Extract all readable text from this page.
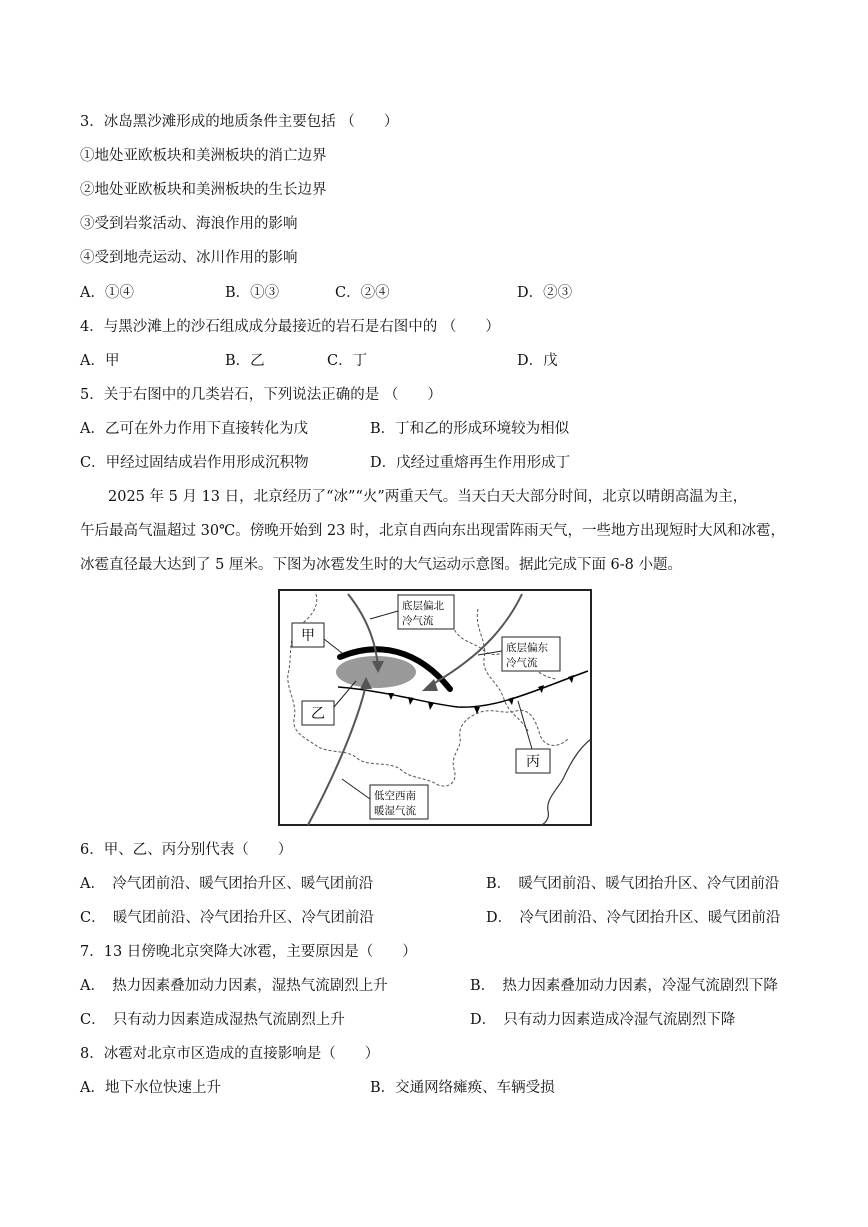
3．冰岛黑沙滩形成的地质条件主要包括 （　　）
①地处亚欧板块和美洲板块的消亡边界
②地处亚欧板块和美洲板块的生长边界
③受到岩浆活动、海浪作用的影响
④受到地壳运动、冰川作用的影响
A．①④	B．①③	C．②④	D．②③
4．与黑沙滩上的沙石组成成分最接近的岩石是右图中的 （　　）
A．甲	B．乙	C．丁	D．戊
5．关于右图中的几类岩石，下列说法正确的是 （　　）
A．乙可在外力作用下直接转化为戊	B．丁和乙的形成环境较为相似
C．甲经过固结成岩作用形成沉积物	D．戊经过重熔再生作用形成丁
2025 年 5 月 13 日，北京经历了“冰”“火”两重天气。当天白天大部分时间，北京以晴朗高温为主，
午后最高气温超过 30℃。傍晚开始到 23 时，北京自西向东出现雷阵雨天气，一些地方出现短时大风和冰雹，
冰雹直径最大达到了 5 厘米。下图为冰雹发生时的大气运动示意图。据此完成下面 6-8 小题。
甲
乙
丙
底层偏北
冷气流
底层偏东
冷气流
低空西南
暖湿气流
6．甲、乙、丙分别代表（　　）
A．　冷气团前沿、暖气团抬升区、暖气团前沿	B．　暖气团前沿、暖气团抬升区、冷气团前沿
C．　暖气团前沿、冷气团抬升区、冷气团前沿	D．　冷气团前沿、冷气团抬升区、暖气团前沿
7．13 日傍晚北京突降大冰雹，主要原因是（　　）
A．　热力因素叠加动力因素，湿热气流剧烈上升	B．　热力因素叠加动力因素，冷湿气流剧烈下降
C．　只有动力因素造成湿热气流剧烈上升	D．　只有动力因素造成冷湿气流剧烈下降
8．冰雹对北京市区造成的直接影响是（　　）
A．地下水位快速上升	B．交通网络瘫痪、车辆受损
